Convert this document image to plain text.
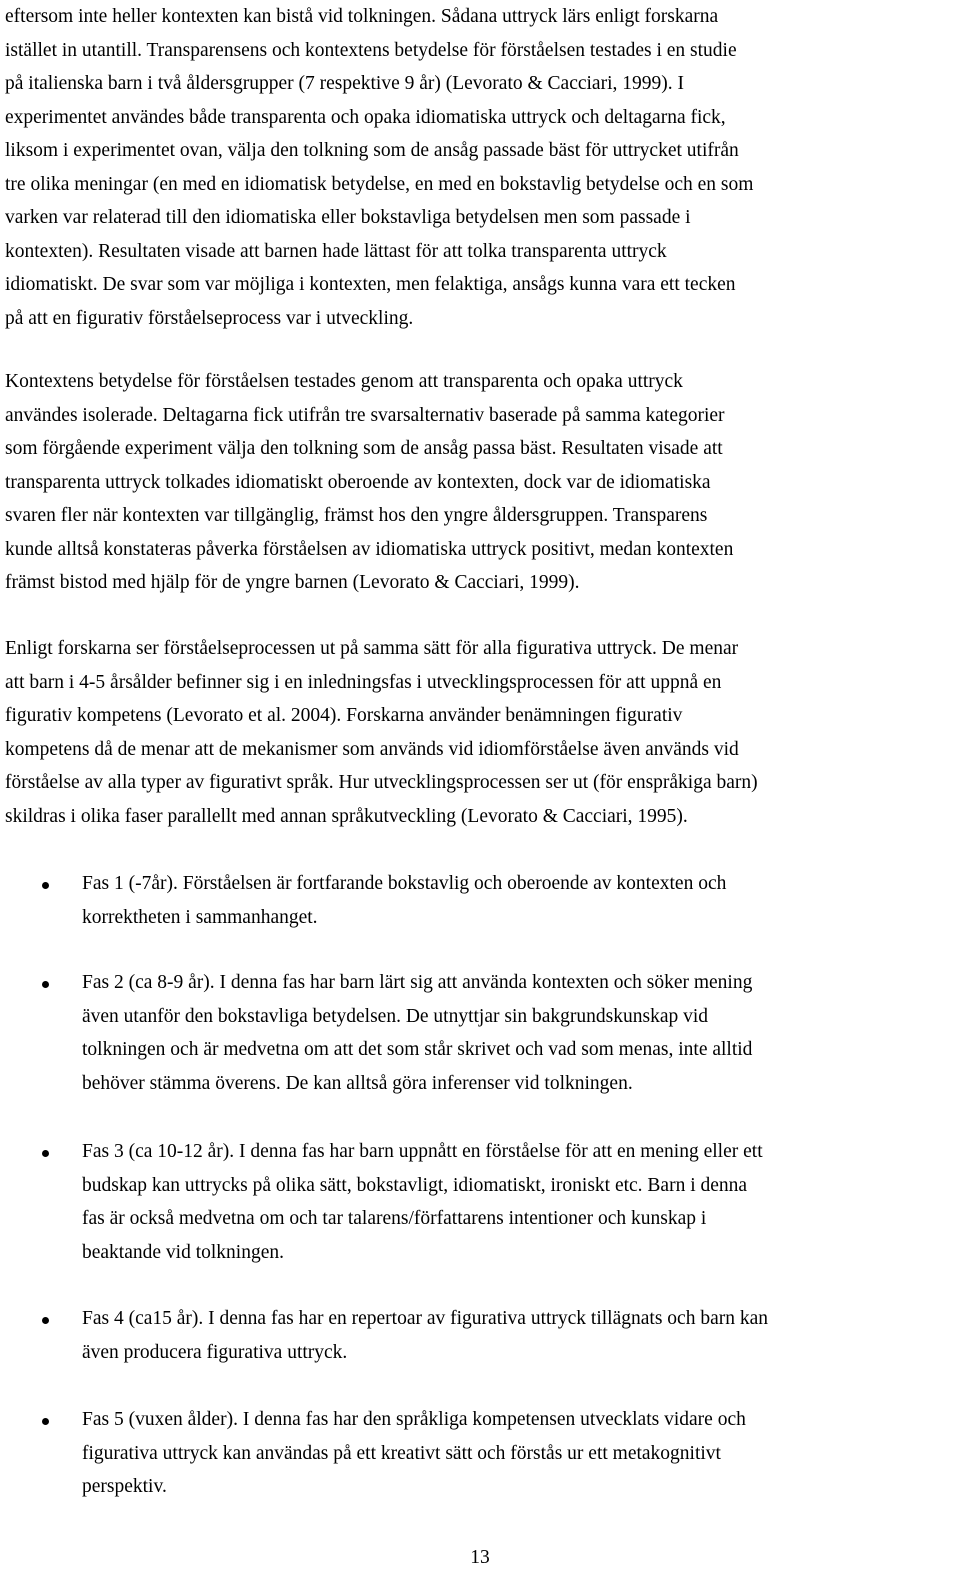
eftersom inte heller kontexten kan bistå vid tolkningen. Sådana uttryck lärs enligt forskarna
istället in utantill. Transparensens och kontextens betydelse för förståelsen testades i en studie
på italienska barn i två åldersgrupper (7 respektive 9 år) (Levorato & Cacciari, 1999). I
experimentet användes både transparenta och opaka idiomatiska uttryck och deltagarna fick,
liksom i experimentet ovan, välja den tolkning som de ansåg passade bäst för uttrycket utifrån
tre olika meningar (en med en idiomatisk betydelse, en med en bokstavlig betydelse och en som
varken var relaterad till den idiomatiska eller bokstavliga betydelsen men som passade i
kontexten). Resultaten visade att barnen hade lättast för att tolka transparenta uttryck
idiomatiskt. De svar som var möjliga i kontexten, men felaktiga, ansågs kunna vara ett tecken
på att en figurativ förståelseprocess var i utveckling.

Kontextens betydelse för förståelsen testades genom att transparenta och opaka uttryck
användes isolerade. Deltagarna fick utifrån tre svarsalternativ baserade på samma kategorier
som förgående experiment välja den tolkning som de ansåg passa bäst. Resultaten visade att
transparenta uttryck tolkades idiomatiskt oberoende av kontexten, dock var de idiomatiska
svaren fler när kontexten var tillgänglig, främst hos den yngre åldersgruppen. Transparens
kunde alltså konstateras påverka förståelsen av idiomatiska uttryck positivt, medan kontexten
främst bistod med hjälp för de yngre barnen (Levorato & Cacciari, 1999).

Enligt forskarna ser förståelseprocessen ut på samma sätt för alla figurativa uttryck. De menar
att barn i 4-5 årsålder befinner sig i en inledningsfas i utvecklingsprocessen för att uppnå en
figurativ kompetens (Levorato et al. 2004). Forskarna använder benämningen figurativ
kompetens då de menar att de mekanismer som används vid idiomförståelse även används vid
förståelse av alla typer av figurativt språk. Hur utvecklingsprocessen ser ut (för enspråkiga barn)
skildras i olika faser parallellt med annan språkutveckling (Levorato & Cacciari, 1995).

Fas 1 (-7år). Förståelsen är fortfarande bokstavlig och oberoende av kontexten och
korrektheten i sammanhanget.

Fas 2 (ca 8-9 år). I denna fas har barn lärt sig att använda kontexten och söker mening
även utanför den bokstavliga betydelsen. De utnyttjar sin bakgrundskunskap vid
tolkningen och är medvetna om att det som står skrivet och vad som menas, inte alltid
behöver stämma överens. De kan alltså göra inferenser vid tolkningen.

Fas 3 (ca 10-12 år). I denna fas har barn uppnått en förståelse för att en mening eller ett
budskap kan uttrycks på olika sätt, bokstavligt, idiomatiskt, ironiskt etc. Barn i denna
fas är också medvetna om och tar talarens/författarens intentioner och kunskap i
beaktande vid tolkningen.

Fas 4 (ca15 år). I denna fas har en repertoar av figurativa uttryck tillägnats och barn kan
även producera figurativa uttryck.

Fas 5 (vuxen ålder). I denna fas har den språkliga kompetensen utvecklats vidare och
figurativa uttryck kan användas på ett kreativt sätt och förstås ur ett metakognitivt
perspektiv.

13
